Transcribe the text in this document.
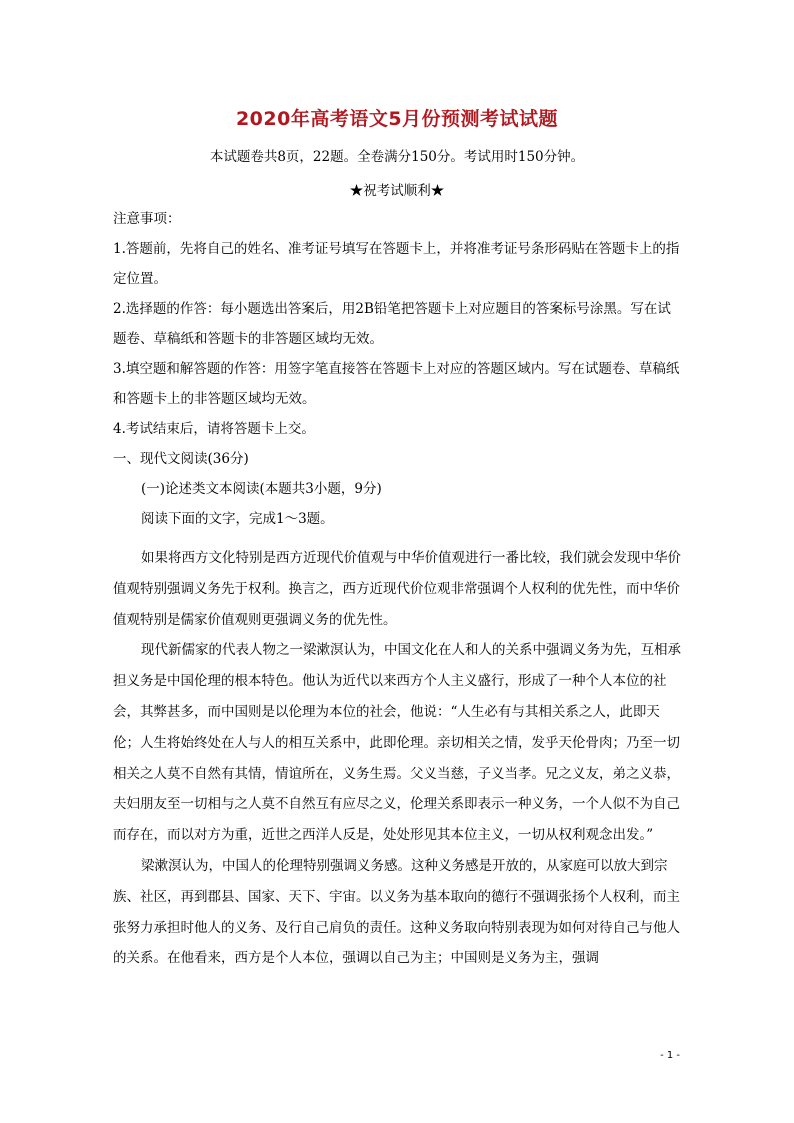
2020年高考语文5月份预测考试试题
本试题卷共8页，22题。全卷满分150分。考试用时150分钟。
★祝考试顺利★

注意事项：

1.答题前，先将自己的姓名、准考证号填写在答题卡上，并将准考证号条形码贴在答题卡上的指定位置。

2.选择题的作答：每小题选出答案后，用2B铅笔把答题卡上对应题目的答案标号涂黑。写在试题卷、草稿纸和答题卡的非答题区域均无效。

3.填空题和解答题的作答：用签字笔直接答在答题卡上对应的答题区域内。写在试题卷、草稿纸和答题卡上的非答题区域均无效。

4.考试结束后，请将答题卡上交。

一、现代文阅读(36分)

(一)论述类文本阅读(本题共3小题，9分)

阅读下面的文字，完成1～3题。

如果将西方文化特别是西方近现代价值观与中华价值观进行一番比较，我们就会发现中华价值观特别强调义务先于权利。换言之，西方近现代价位观非常强调个人权利的优先性，而中华价值观特别是儒家价值观则更强调义务的优先性。

现代新儒家的代表人物之一梁漱溟认为，中国文化在人和人的关系中强调义务为先，互相承担义务是中国伦理的根本特色。他认为近代以来西方个人主义盛行，形成了一种个人本位的社会，其弊甚多，而中国则是以伦理为本位的社会，他说：“人生必有与其相关系之人，此即天伦；人生将始终处在人与人的相互关系中，此即伦理。亲切相关之情，发乎天伦骨肉；乃至一切相关之人莫不自然有其情，情谊所在，义务生焉。父义当慈，子义当孝。兄之义友，弟之义恭，夫妇朋友至一切相与之人莫不自然互有应尽之义，伦理关系即表示一种义务，一个人似不为自己而存在，而以对方为重，近世之西洋人反是，处处形见其本位主义，一切从权利观念出发。”

梁漱溟认为，中国人的伦理特别强调义务感。这种义务感是开放的，从家庭可以放大到宗族、社区，再到郡县、国家、天下、宇宙。以义务为基本取向的德行不强调张扬个人权利，而主张努力承担时他人的义务、及行自己肩负的责任。这种义务取向特别表现为如何对待自己与他人的关系。在他看来，西方是个人本位，强调以自己为主；中国则是义务为主，强调

- 1 -
